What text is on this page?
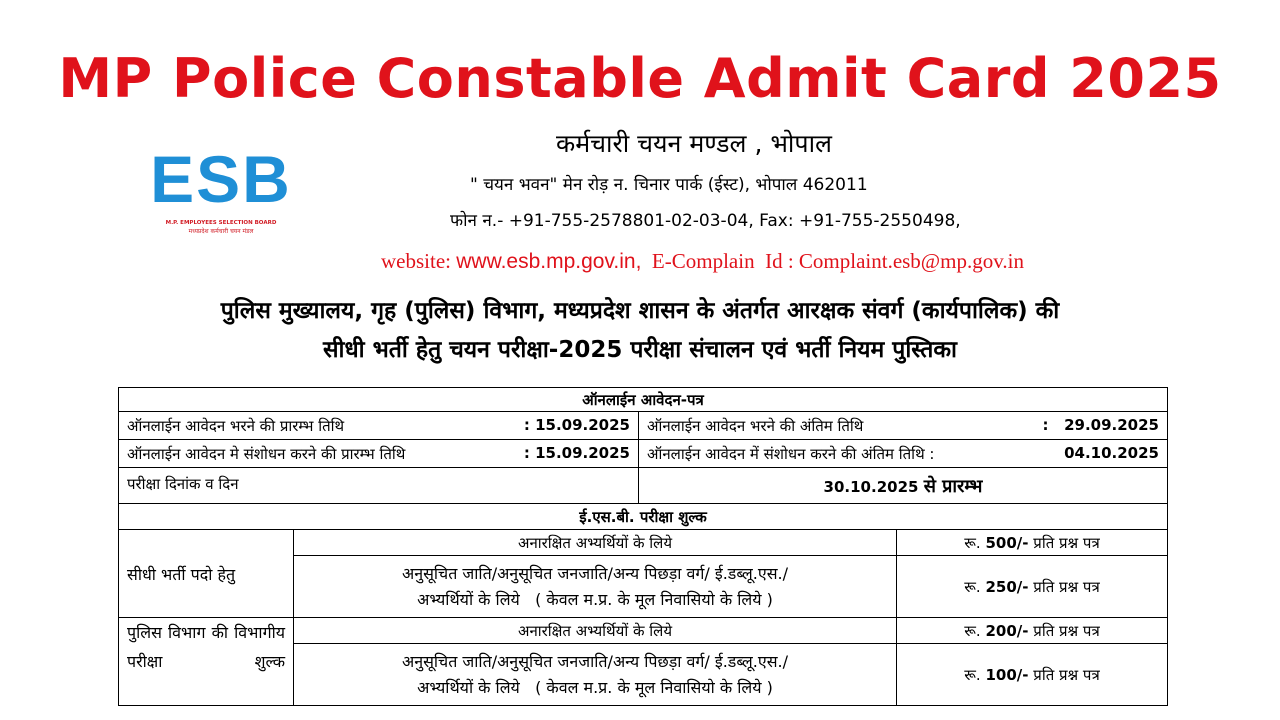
MP Police Constable Admit Card 2025
ESB
M.P. EMPLOYEES SELECTION BOARD
मध्यप्रदेश कर्मचारी चयन मंडल
कर्मचारी चयन मण्डल , भोपाल
" चयन भवन" मेन रोड़ न. चिनार पार्क (ईस्ट), भोपाल 462011
फोन न.- +91-755-2578801-02-03-04, Fax: +91-755-2550498,
website: www.esb.mp.gov.in,  E-Complain  Id : Complaint.esb@mp.gov.in
पुलिस मुख्यालय, गृह (पुलिस) विभाग, मध्यप्रदेश शासन के अंतर्गत आरक्षक संवर्ग (कार्यपालिक) की
सीधी भर्ती हेतु चयन परीक्षा-2025 परीक्षा संचालन एवं भर्ती नियम पुस्तिका
ऑनलाईन आवेदन-पत्र			

ऑनलाईन आवेदन भरने की प्रारम्भ तिथि : 15.09.2025		ऑनलाईन आवेदन भरने की अंतिम तिथि :   29.09.2025	

ऑनलाईन आवेदन मे संशोधन करने की प्रारम्भ तिथि : 15.09.2025		ऑनलाईन आवेदन में संशोधन करने की अंतिम तिथि : 04.10.2025	

परीक्षा दिनांक व दिन		30.10.2025 से प्रारम्भ	
ई.एस.बी. परीक्षा शुल्क			
सीधी भर्ती पदो हेतु	अनारक्षित अभ्यर्थियों के लिये		रू. 500/- प्रति प्रश्न पत्र

	अनुसूचित जाति/अनुसूचित जनजाति/अन्य पिछड़ा वर्ग/ ई.डब्लू.एस./
अभ्यर्थियों के लिये   ( केवल म.प्र. के मूल निवासियो के लिये )		रू. 250/- प्रति प्रश्न पत्र
पुलिस विभाग की विभागीय परीक्षा शुल्क	अनारक्षित अभ्यर्थियों के लिये		रू. 200/- प्रति प्रश्न पत्र

	अनुसूचित जाति/अनुसूचित जनजाति/अन्य पिछड़ा वर्ग/ ई.डब्लू.एस./
अभ्यर्थियों के लिये   ( केवल म.प्र. के मूल निवासियो के लिये )		रू. 100/- प्रति प्रश्न पत्र
